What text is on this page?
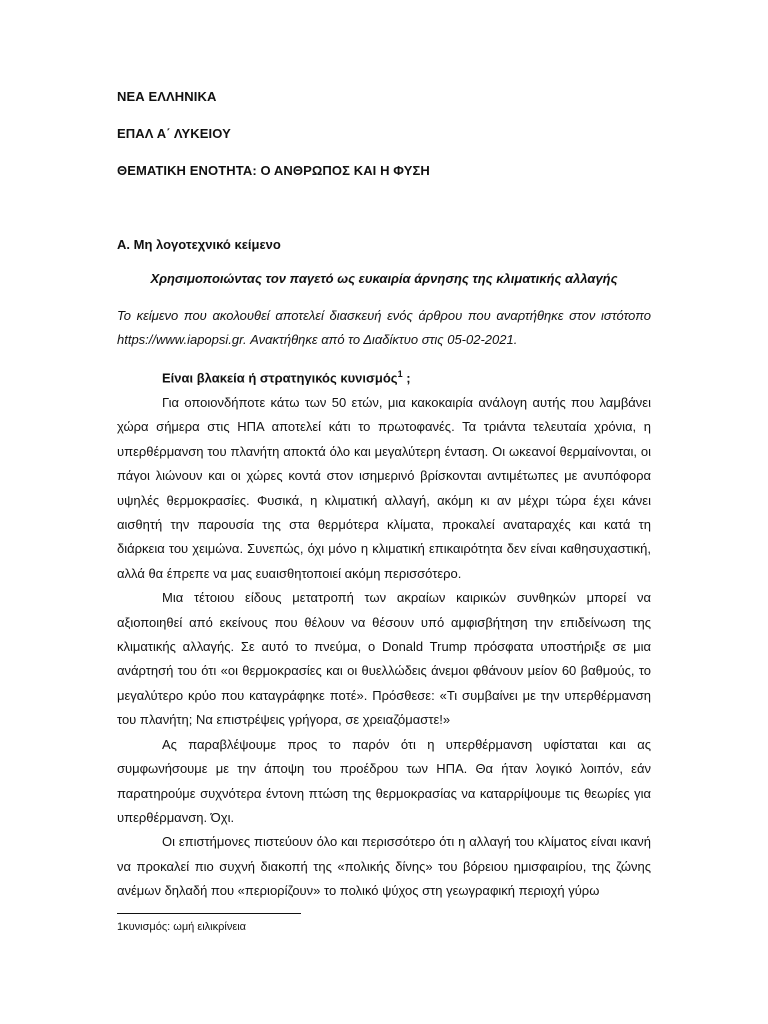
ΝΕΑ ΕΛΛΗΝΙΚΑ
ΕΠΑΛ Α΄ ΛΥΚΕΙΟΥ
ΘΕΜΑΤΙΚΗ ΕΝΟΤΗΤΑ: Ο ΑΝΘΡΩΠΟΣ ΚΑΙ Η ΦΥΣΗ
Α. Μη λογοτεχνικό κείμενο
Χρησιμοποιώντας τον παγετό ως ευκαιρία άρνησης της κλιματικής αλλαγής

Το κείμενο που ακολουθεί αποτελεί διασκευή ενός άρθρου που αναρτήθηκε στον ιστότοπο https://www.iapopsi.gr. Ανακτήθηκε από το Διαδίκτυο στις 05-02-2021.

Είναι βλακεία ή στρατηγικός κυνισμός$^1$ ;

Για οποιονδήποτε κάτω των 50 ετών, μια κακοκαιρία ανάλογη αυτής που λαμβάνει χώρα σήμερα στις ΗΠΑ αποτελεί κάτι το πρωτοφανές. Τα τριάντα τελευταία χρόνια, η υπερθέρμανση του πλανήτη αποκτά όλο και μεγαλύτερη ένταση. Οι ωκεανοί θερμαίνονται, οι πάγοι λιώνουν και οι χώρες κοντά στον ισημερινό βρίσκονται αντιμέτωπες με ανυπόφορα υψηλές θερμοκρασίες. Φυσικά, η κλιματική αλλαγή, ακόμη κι αν μέχρι τώρα έχει κάνει αισθητή την παρουσία της στα θερμότερα κλίματα, προκαλεί αναταραχές και κατά τη διάρκεια του χειμώνα. Συνεπώς, όχι μόνο η κλιματική επικαιρότητα δεν είναι καθησυχαστική, αλλά θα έπρεπε να μας ευαισθητοποιεί ακόμη περισσότερο.

Μια τέτοιου είδους μετατροπή των ακραίων καιρικών συνθηκών μπορεί να αξιοποιηθεί από εκείνους που θέλουν να θέσουν υπό αμφισβήτηση την επιδείνωση της κλιματικής αλλαγής. Σε αυτό το πνεύμα, ο Donald Trump πρόσφατα υποστήριξε σε μια ανάρτησή του ότι «οι θερμοκρασίες και οι θυελλώδεις άνεμοι φθάνουν μείον 60 βαθμούς, το μεγαλύτερο κρύο που καταγράφηκε ποτέ». Πρόσθεσε: «Τι συμβαίνει με την υπερθέρμανση του πλανήτη; Να επιστρέψεις γρήγορα, σε χρειαζόμαστε!»

Ας παραβλέψουμε προς το παρόν ότι η υπερθέρμανση υφίσταται και ας συμφωνήσουμε με την άποψη του προέδρου των ΗΠΑ. Θα ήταν λογικό λοιπόν, εάν παρατηρούμε συχνότερα έντονη πτώση της θερμοκρασίας να καταρρίψουμε τις θεωρίες για υπερθέρμανση. Όχι.

Οι επιστήμονες πιστεύουν όλο και περισσότερο ότι η αλλαγή του κλίματος είναι ικανή να προκαλεί πιο συχνή διακοπή της «πολικής δίνης» του βόρειου ημισφαιρίου, της ζώνης ανέμων δηλαδή που «περιορίζουν» το πολικό ψύχος στη γεωγραφική περιοχή γύρω

1κυνισμός: ωμή ειλικρίνεια
